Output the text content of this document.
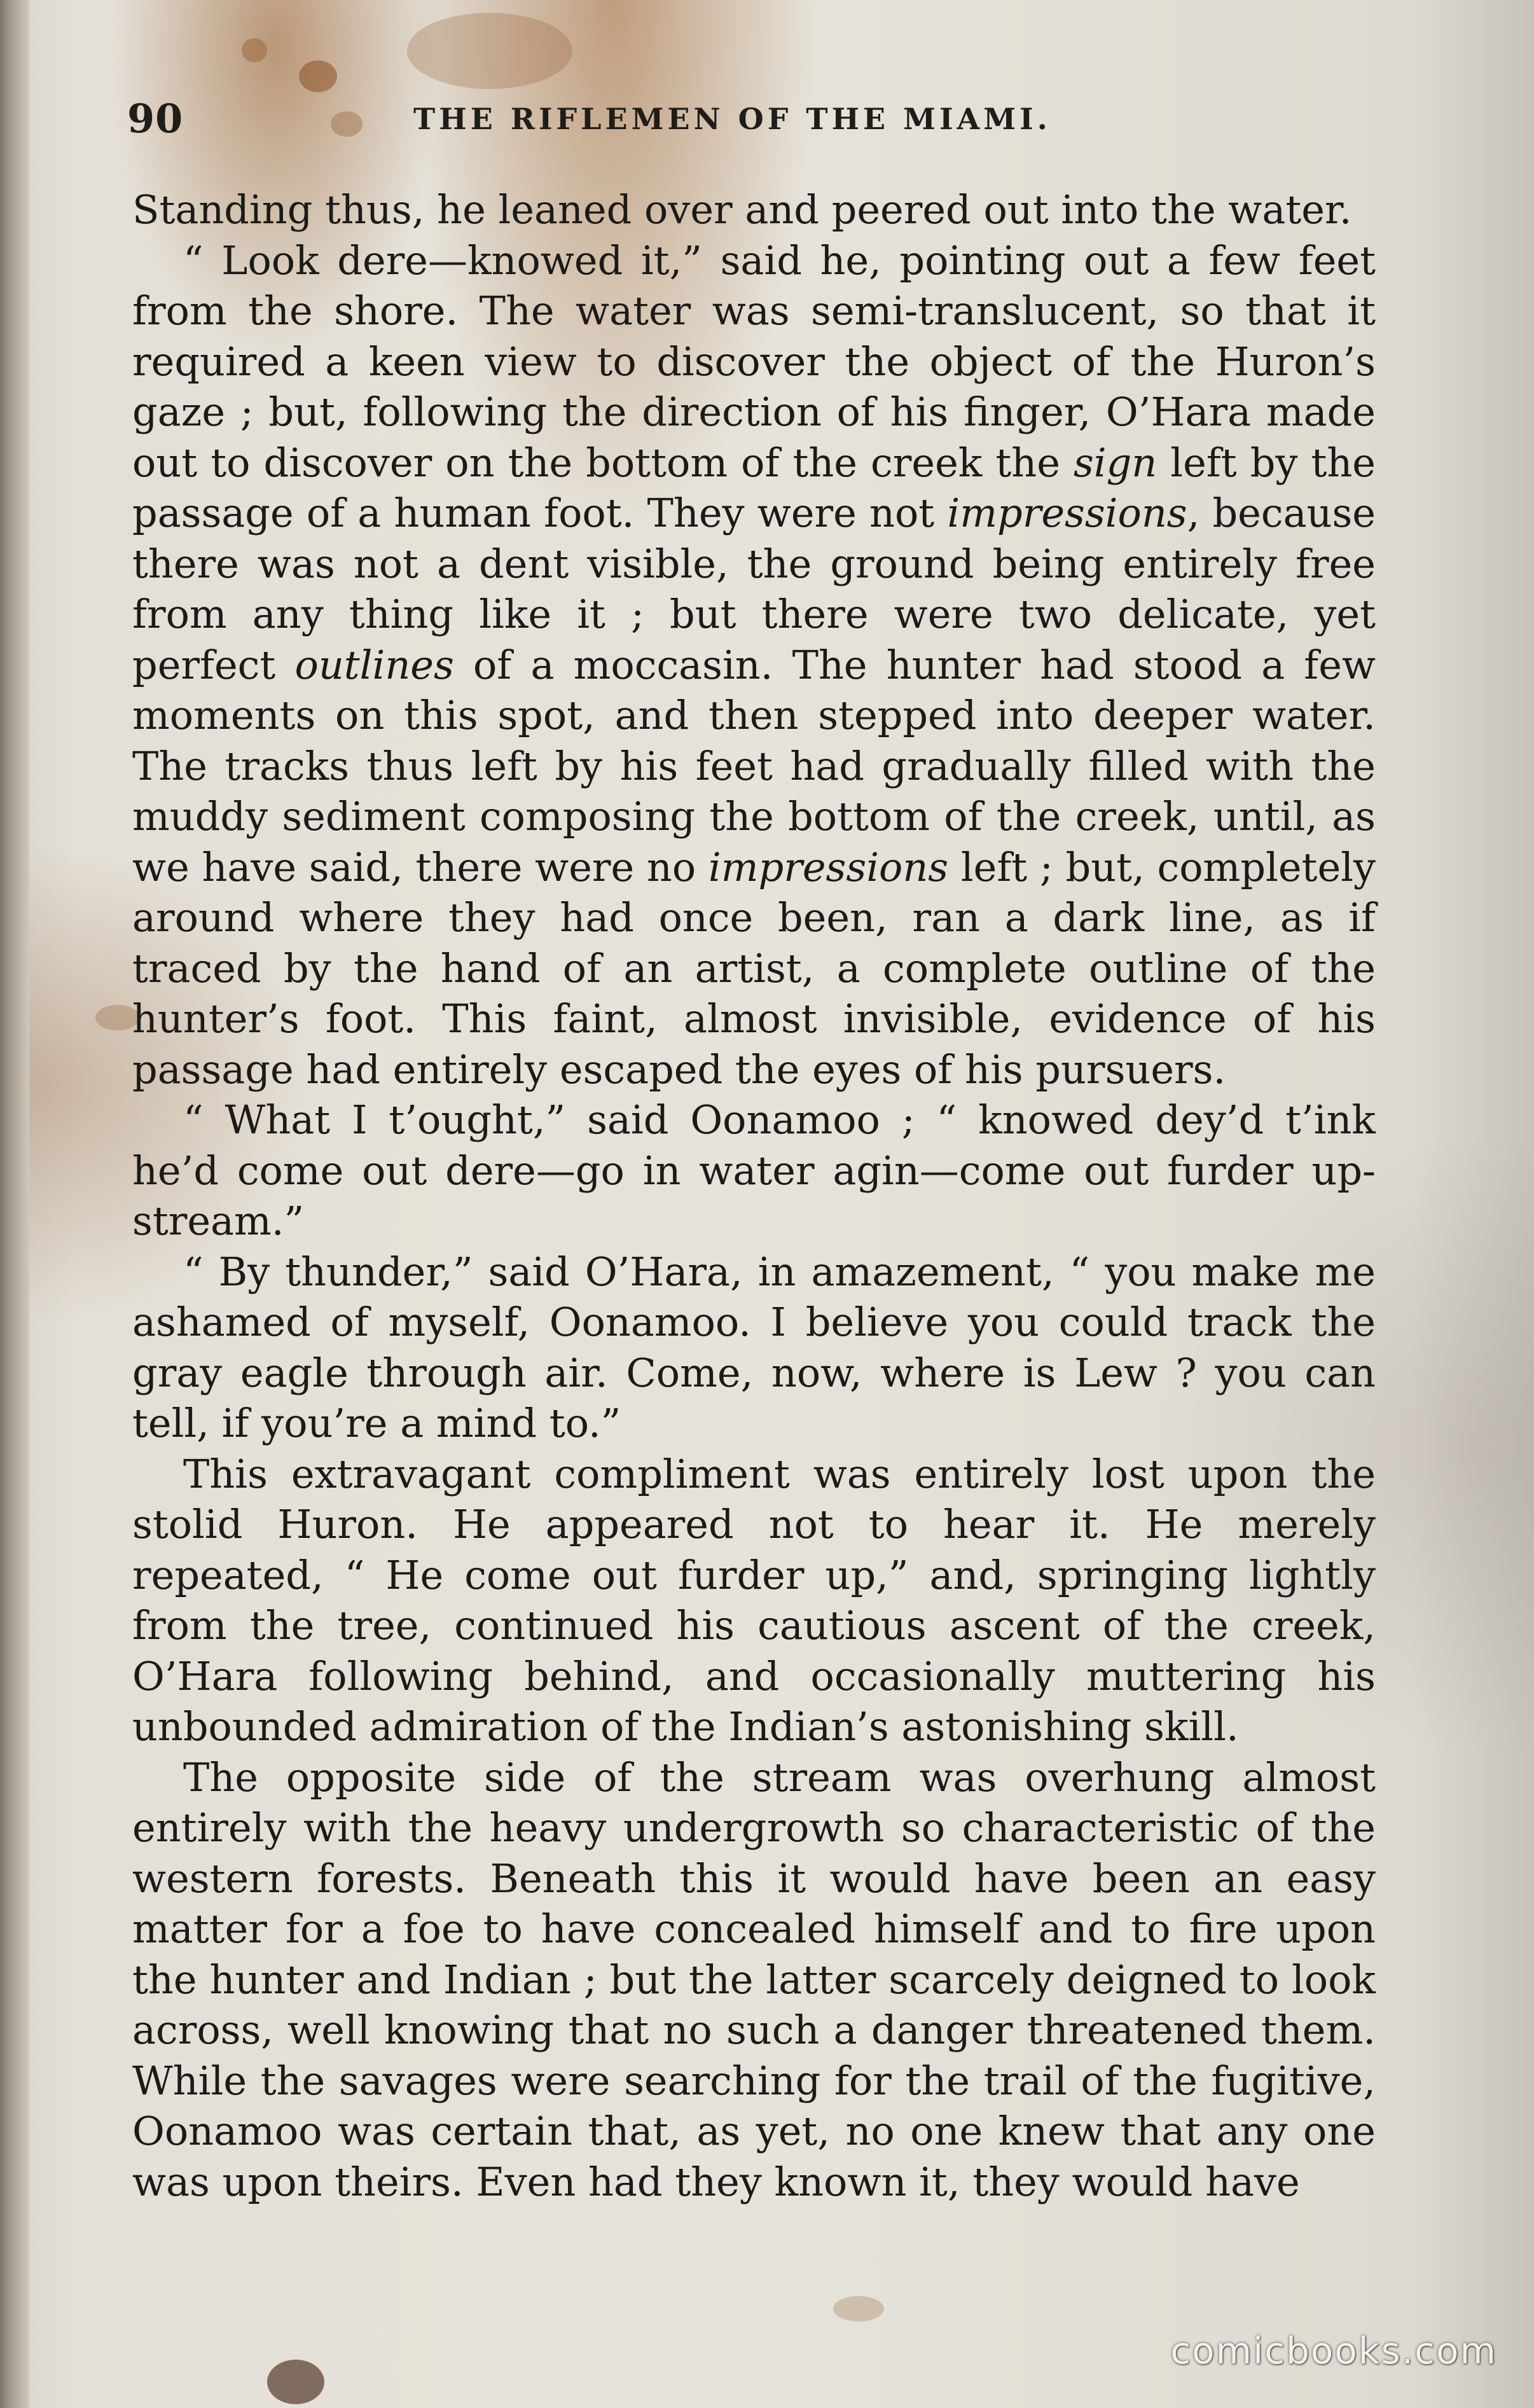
90	THE RIFLEMEN OF THE MIAMI.

Standing thus, he leaned over and peered out into the water.

“ Look dere—knowed it,” said he, pointing out a few feet from the shore. The water was semi-translucent, so that it required a keen view to discover the object of the Huron’s gaze ; but, following the direction of his finger, O’Hara made out to discover on the bottom of the creek the sign left by the passage of a human foot. They were not impressions, because there was not a dent visible, the ground being entirely free from any thing like it ; but there were two delicate, yet perfect outlines of a moccasin. The hunter had stood a few moments on this spot, and then stepped into deeper water. The tracks thus left by his feet had gradually filled with the muddy sediment composing the bottom of the creek, until, as we have said, there were no impressions left ; but, completely around where they had once been, ran a dark line, as if traced by the hand of an artist, a complete outline of the hunter’s foot. This faint, almost invisible, evidence of his passage had entirely escaped the eyes of his pursuers.

“ What I t’ought,” said Oonamoo ; “ knowed dey’d t’ink he’d come out dere—go in water agin—come out furder up-stream.”

“ By thunder,” said O’Hara, in amazement, “ you make me ashamed of myself, Oonamoo. I believe you could track the gray eagle through air. Come, now, where is Lew ? you can tell, if you’re a mind to.”

This extravagant compliment was entirely lost upon the stolid Huron. He appeared not to hear it. He merely repeated, “ He come out furder up,” and, springing lightly from the tree, continued his cautious ascent of the creek, O’Hara following behind, and occasionally muttering his unbounded admiration of the Indian’s astonishing skill.

The opposite side of the stream was overhung almost entirely with the heavy undergrowth so characteristic of the western forests. Beneath this it would have been an easy matter for a foe to have concealed himself and to fire upon the hunter and Indian ; but the latter scarcely deigned to look across, well knowing that no such a danger threatened them. While the savages were searching for the trail of the fugitive, Oonamoo was certain that, as yet, no one knew that any one was upon theirs. Even had they known it, they would have

comicbooks.com
